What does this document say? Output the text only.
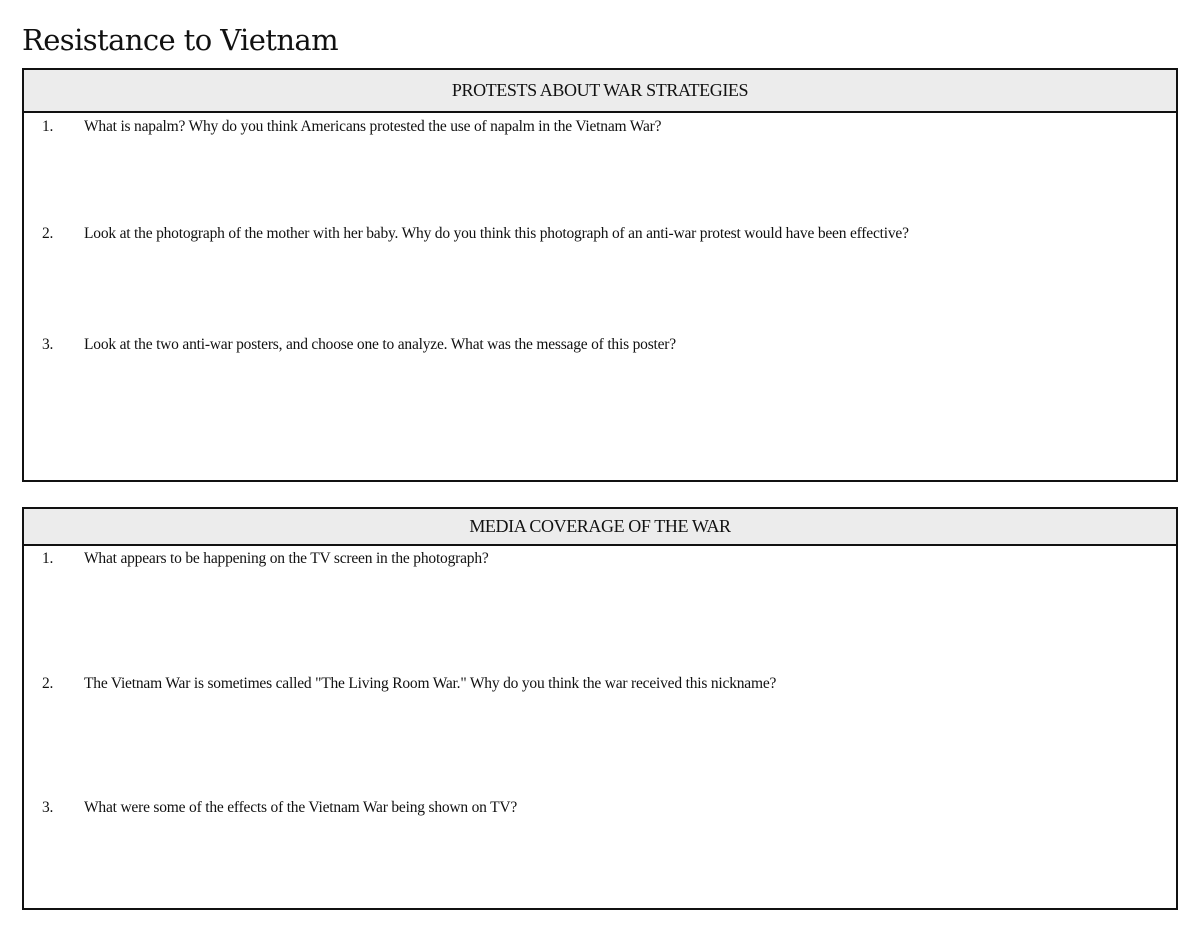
Resistance to Vietnam
PROTESTS ABOUT WAR STRATEGIES
MEDIA COVERAGE OF THE WAR
1.	What is napalm? Why do you think Americans protested the use of napalm in the Vietnam War?
2.	Look at the photograph of the mother with her baby. Why do you think this photograph of an anti-war protest would have been effective?
3.	Look at the two anti-war posters, and choose one to analyze. What was the message of this poster?
1.	What appears to be happening on the TV screen in the photograph?
2.	The Vietnam War is sometimes called "The Living Room War." Why do you think the war received this nickname?
3.	What were some of the effects of the Vietnam War being shown on TV?
